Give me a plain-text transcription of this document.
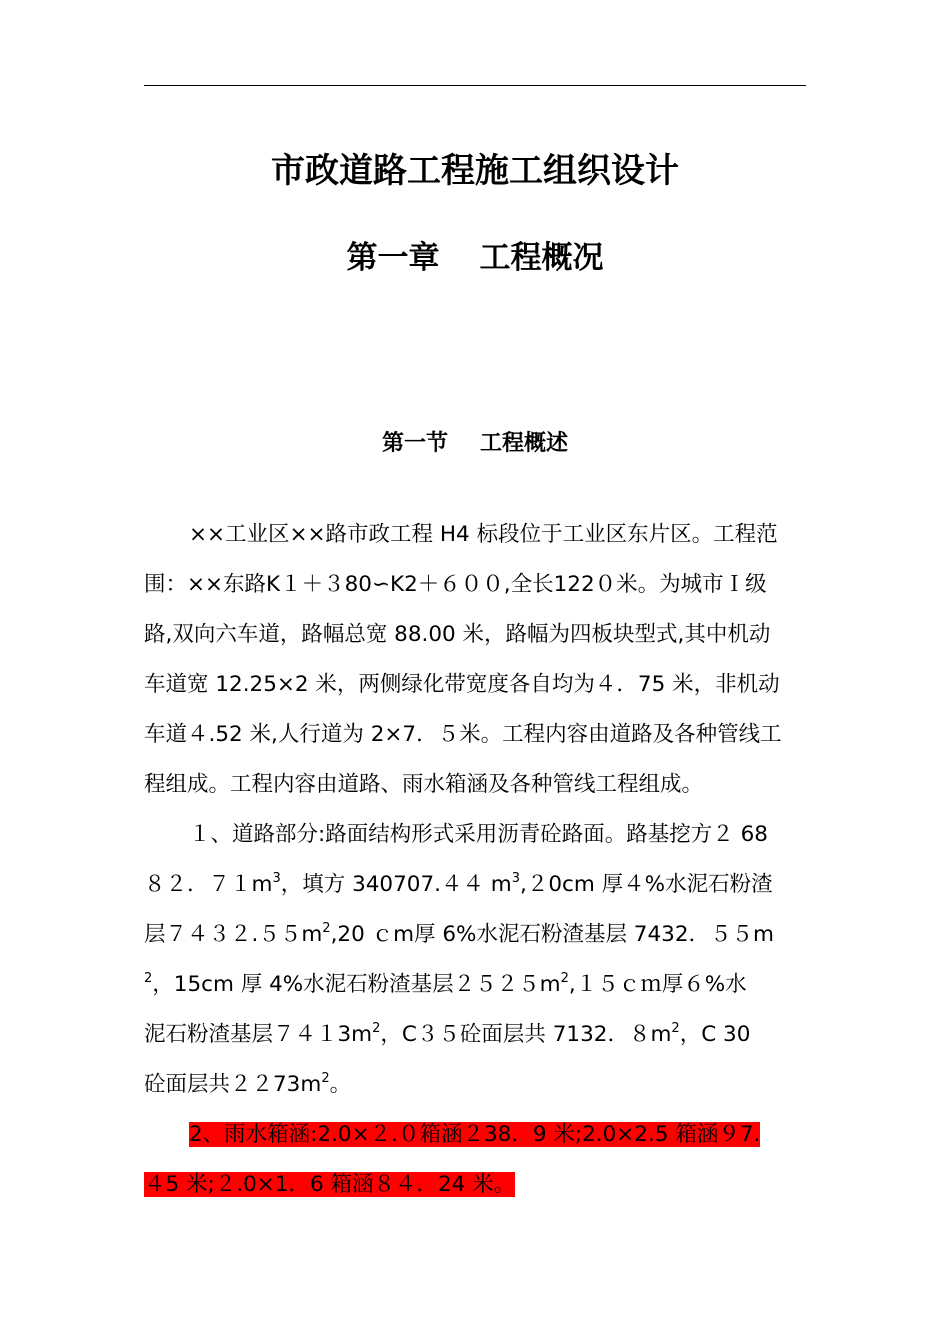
市政道路工程施工组织设计
第一章 工程概况
第一节 工程概述
××工业区××路市政工程 H4 标段位于工业区东片区。工程范
围：××东路K１＋３80∽K2＋６００,全长122０米。为城市Ｉ级
路,双向六车道，路幅总宽 88.00 米，路幅为四板块型式,其中机动
车道宽 12.25×2 米，两侧绿化带宽度各自均为４．75 米，非机动
车道４.52 米,人行道为 2×7．５米。工程内容由道路及各种管线工
程组成。工程内容由道路、雨水箱涵及各种管线工程组成。
１、道路部分:路面结构形式采用沥青砼路面。路基挖方２ 68
８２．$71m^3$，填方 340707.４４ $m^3,20cm$ 厚４%水泥石粉渣
层$7432.55m^2,20$ ｃm厚 6%水泥石粉渣基层 7432．５５m
$^2$，15cm 厚 4%水泥石粉渣基层$2525m^2,15cm$厚６%水
泥石粉渣基层$7413m^2$，C３５砼面层共 7132．$8m^2$，C 30
砼面层共$2273m^2$。
2、雨水箱涵:2.0×２.０箱涵２38．9 米;2.0×2.5 箱涵９7.
４5 米;２.0×1．6 箱涵８４．24 米。
